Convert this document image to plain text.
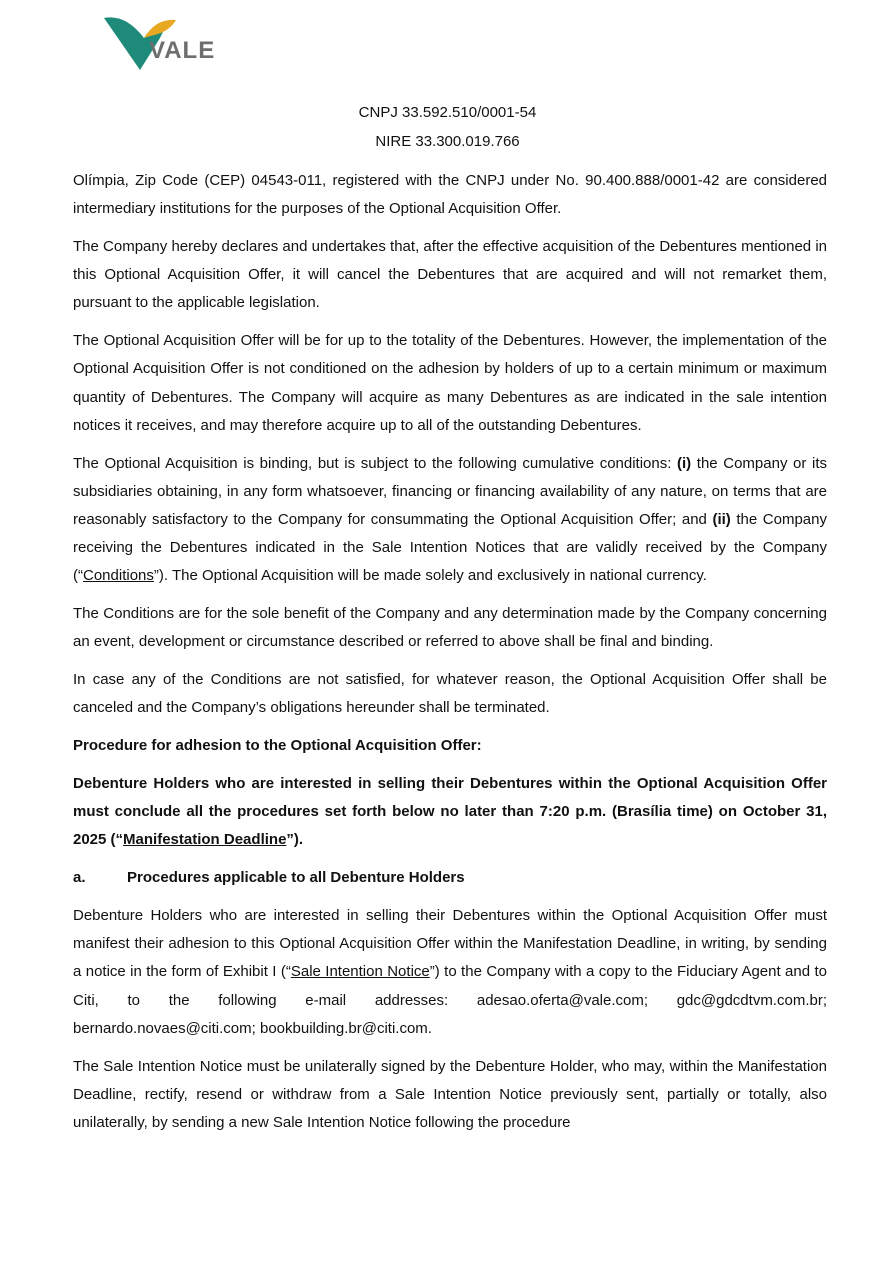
VALE
CNPJ 33.592.510/0001-54
NIRE 33.300.019.766

Olímpia, Zip Code (CEP) 04543-011, registered with the CNPJ under No. 90.400.888/0001-42 are considered intermediary institutions for the purposes of the Optional Acquisition Offer.

The Company hereby declares and undertakes that, after the effective acquisition of the Debentures mentioned in this Optional Acquisition Offer, it will cancel the Debentures that are acquired and will not remarket them, pursuant to the applicable legislation.

The Optional Acquisition Offer will be for up to the totality of the Debentures. However, the implementation of the Optional Acquisition Offer is not conditioned on the adhesion by holders of up to a certain minimum or maximum quantity of Debentures. The Company will acquire as many Debentures as are indicated in the sale intention notices it receives, and may therefore acquire up to all of the outstanding Debentures.

The Optional Acquisition is binding, but is subject to the following cumulative conditions: (i) the Company or its subsidiaries obtaining, in any form whatsoever, financing or financing availability of any nature, on terms that are reasonably satisfactory to the Company for consummating the Optional Acquisition Offer; and (ii) the Company receiving the Debentures indicated in the Sale Intention Notices that are validly received by the Company (“Conditions”). The Optional Acquisition will be made solely and exclusively in national currency.

The Conditions are for the sole benefit of the Company and any determination made by the Company concerning an event, development or circumstance described or referred to above shall be final and binding.

In case any of the Conditions are not satisfied, for whatever reason, the Optional Acquisition Offer shall be canceled and the Company’s obligations hereunder shall be terminated.

Procedure for adhesion to the Optional Acquisition Offer:

Debenture Holders who are interested in selling their Debentures within the Optional Acquisition Offer must conclude all the procedures set forth below no later than 7:20 p.m. (Brasília time) on October 31, 2025 (“Manifestation Deadline”).

a.	Procedures applicable to all Debenture Holders

Debenture Holders who are interested in selling their Debentures within the Optional Acquisition Offer must manifest their adhesion to this Optional Acquisition Offer within the Manifestation Deadline, in writing, by sending a notice in the form of Exhibit I (“Sale Intention Notice”) to the Company with a copy to the Fiduciary Agent and to Citi, to the following e-mail addresses: adesao.oferta@vale.com; gdc@gdcdtvm.com.br; bernardo.novaes@citi.com; bookbuilding.br@citi.com.

The Sale Intention Notice must be unilaterally signed by the Debenture Holder, who may, within the Manifestation Deadline, rectify, resend or withdraw from a Sale Intention Notice previously sent, partially or totally, also unilaterally, by sending a new Sale Intention Notice following the procedure
